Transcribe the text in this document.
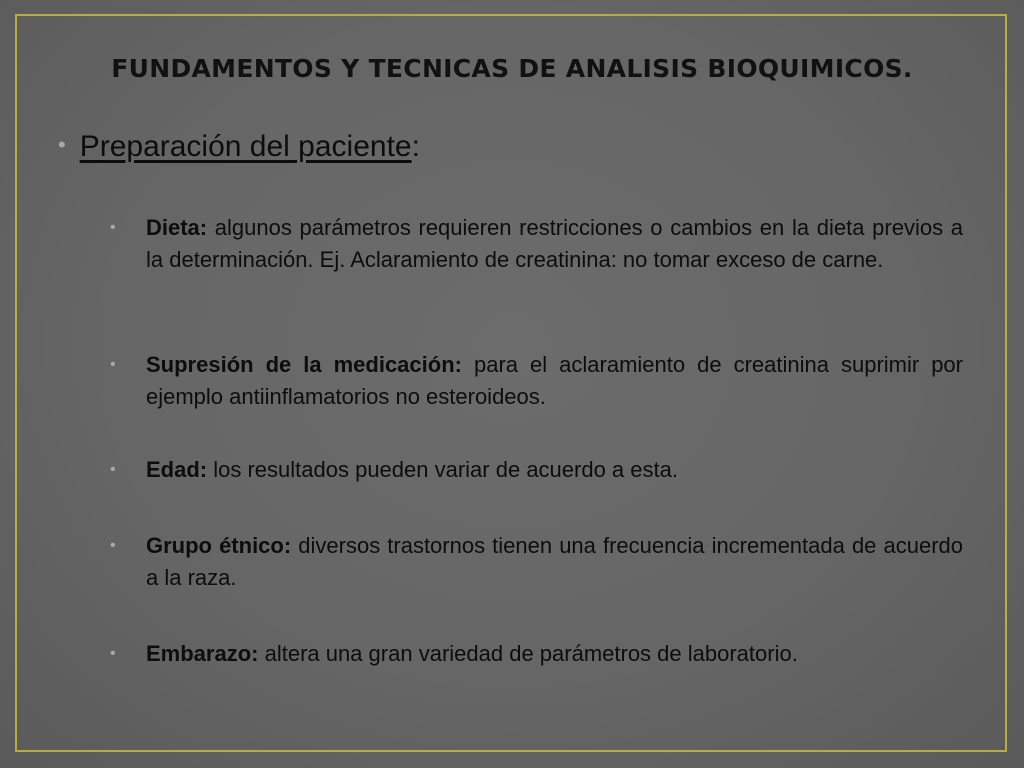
FUNDAMENTOS Y TECNICAS DE ANALISIS BIOQUIMICOS.
• Preparación del paciente :
• Dieta: algunos parámetros requieren restricciones o cambios en la dieta previos a la determinación. Ej. Aclaramiento de creatinina: no tomar exceso de carne.
• Supresión de la medicación: para el aclaramiento de creatinina suprimir por ejemplo antiinflamatorios no esteroideos.
• Edad: los resultados pueden variar de acuerdo a esta.
• Grupo étnico: diversos trastornos tienen una frecuencia incrementada de acuerdo a la raza.
• Embarazo: altera una gran variedad de parámetros de laboratorio.
